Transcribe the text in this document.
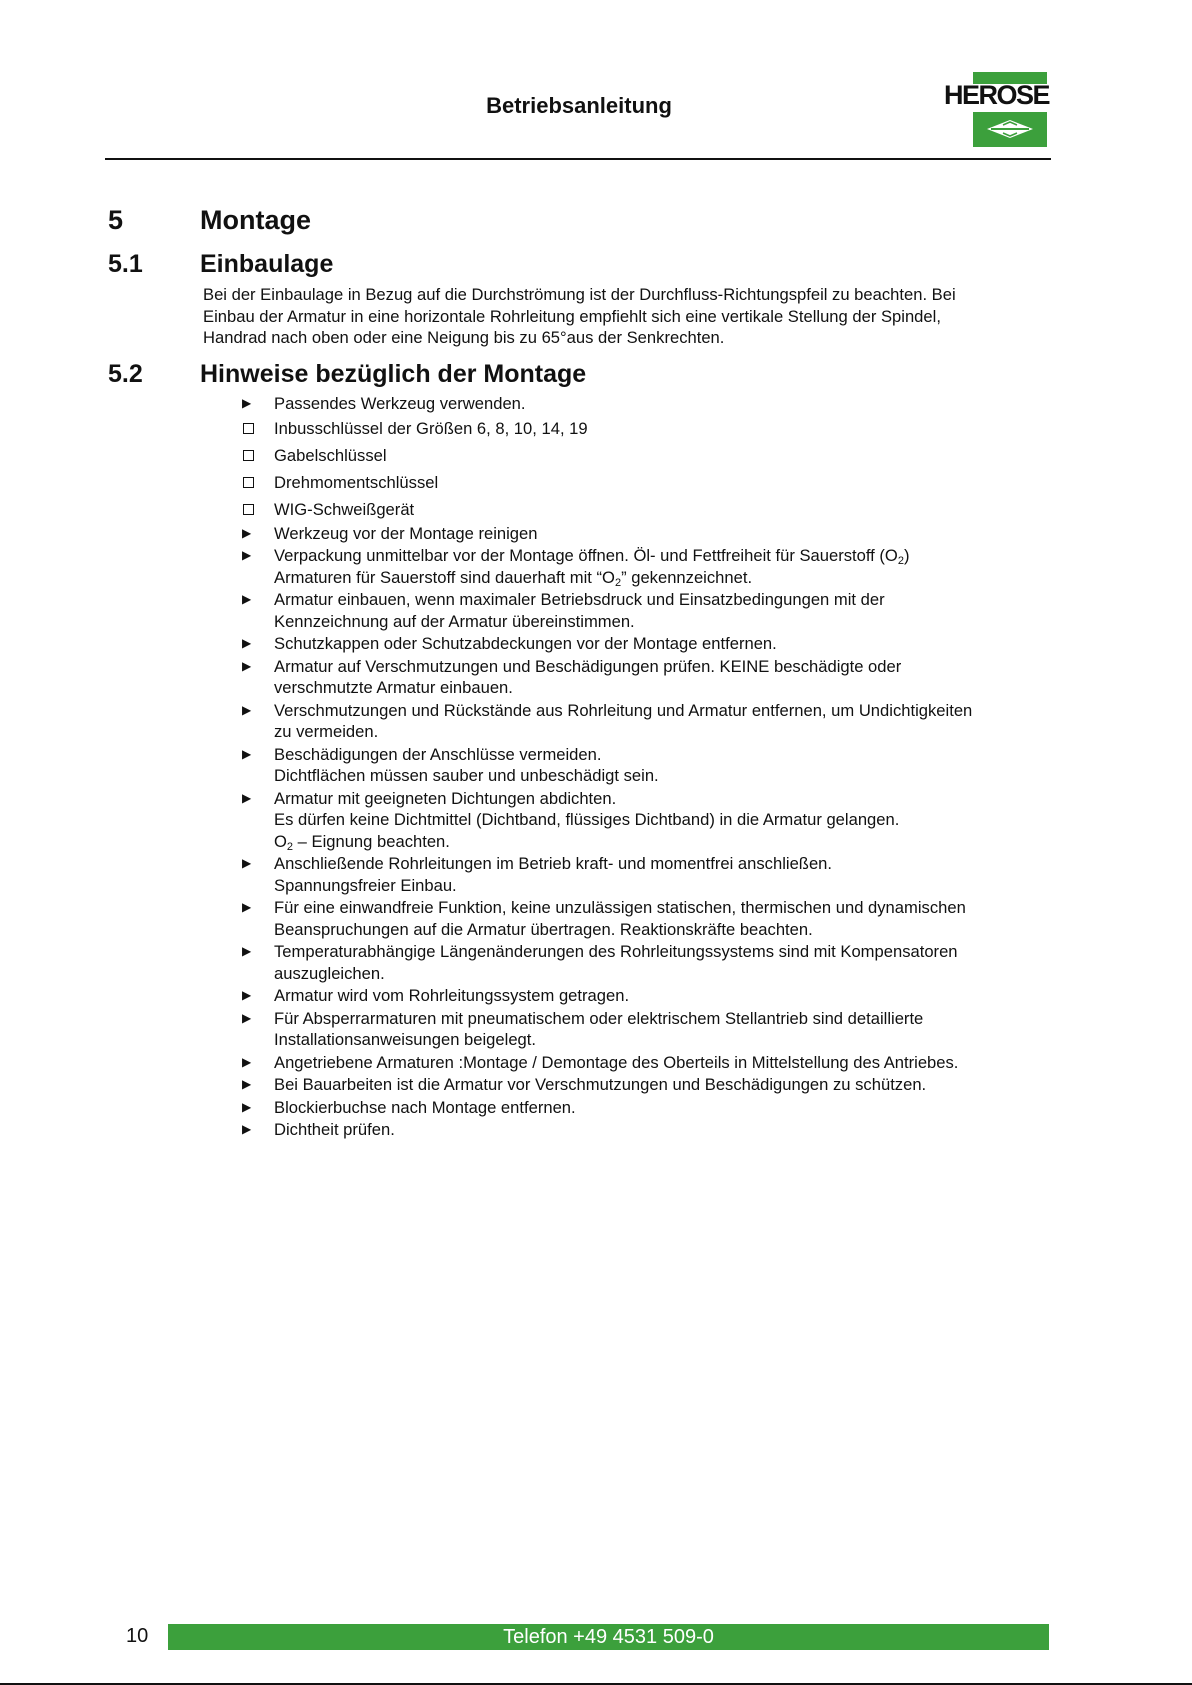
Betriebsanleitung	HEROSE
5	Montage
5.1 Einbaulage
Bei der Einbaulage in Bezug auf die Durchströmung ist der Durchfluss-Richtungspfeil zu beachten. Bei
Einbau der Armatur in eine horizontale Rohrleitung empfiehlt sich eine vertikale Stellung der Spindel,
Handrad nach oben oder eine Neigung bis zu 65°aus der Senkrechten.
5.2 Hinweise bezüglich der Montage
▶ Passendes Werkzeug verwenden.
Inbusschlüssel der Größen 6, 8, 10, 14, 19
Gabelschlüssel
Drehmomentschlüssel
WIG-Schweißgerät
▶ Werkzeug vor der Montage reinigen
▶ Verpackung unmittelbar vor der Montage öffnen. Öl- und Fettfreiheit für Sauerstoff $(O_2)$
Armaturen für Sauerstoff sind dauerhaft mit “$O_2$” gekennzeichnet.
▶ Armatur einbauen, wenn maximaler Betriebsdruck und Einsatzbedingungen mit der
Kennzeichnung auf der Armatur übereinstimmen.
▶ Schutzkappen oder Schutzabdeckungen vor der Montage entfernen.
▶ Armatur auf Verschmutzungen und Beschädigungen prüfen. KEINE beschädigte oder
verschmutzte Armatur einbauen.
▶ Verschmutzungen und Rückstände aus Rohrleitung und Armatur entfernen, um Undichtigkeiten
zu vermeiden.
▶ Beschädigungen der Anschlüsse vermeiden.
Dichtflächen müssen sauber und unbeschädigt sein.
▶ Armatur mit geeigneten Dichtungen abdichten.
Es dürfen keine Dichtmittel (Dichtband, flüssiges Dichtband) in die Armatur gelangen.
$O_2$ – Eignung beachten.
▶ Anschließende Rohrleitungen im Betrieb kraft- und momentfrei anschließen.
Spannungsfreier Einbau.
▶ Für eine einwandfreie Funktion, keine unzulässigen statischen, thermischen und dynamischen
Beanspruchungen auf die Armatur übertragen. Reaktionskräfte beachten.
▶ Temperaturabhängige Längenänderungen des Rohrleitungssystems sind mit Kompensatoren
auszugleichen.
▶ Armatur wird vom Rohrleitungssystem getragen.
▶ Für Absperrarmaturen mit pneumatischem oder elektrischem Stellantrieb sind detaillierte
Installationsanweisungen beigelegt.
▶ Angetriebene Armaturen :Montage / Demontage des Oberteils in Mittelstellung des Antriebes.
▶ Bei Bauarbeiten ist die Armatur vor Verschmutzungen und Beschädigungen zu schützen.
▶ Blockierbuchse nach Montage entfernen.
▶ Dichtheit prüfen.
10	Telefon +49 4531 509-0
